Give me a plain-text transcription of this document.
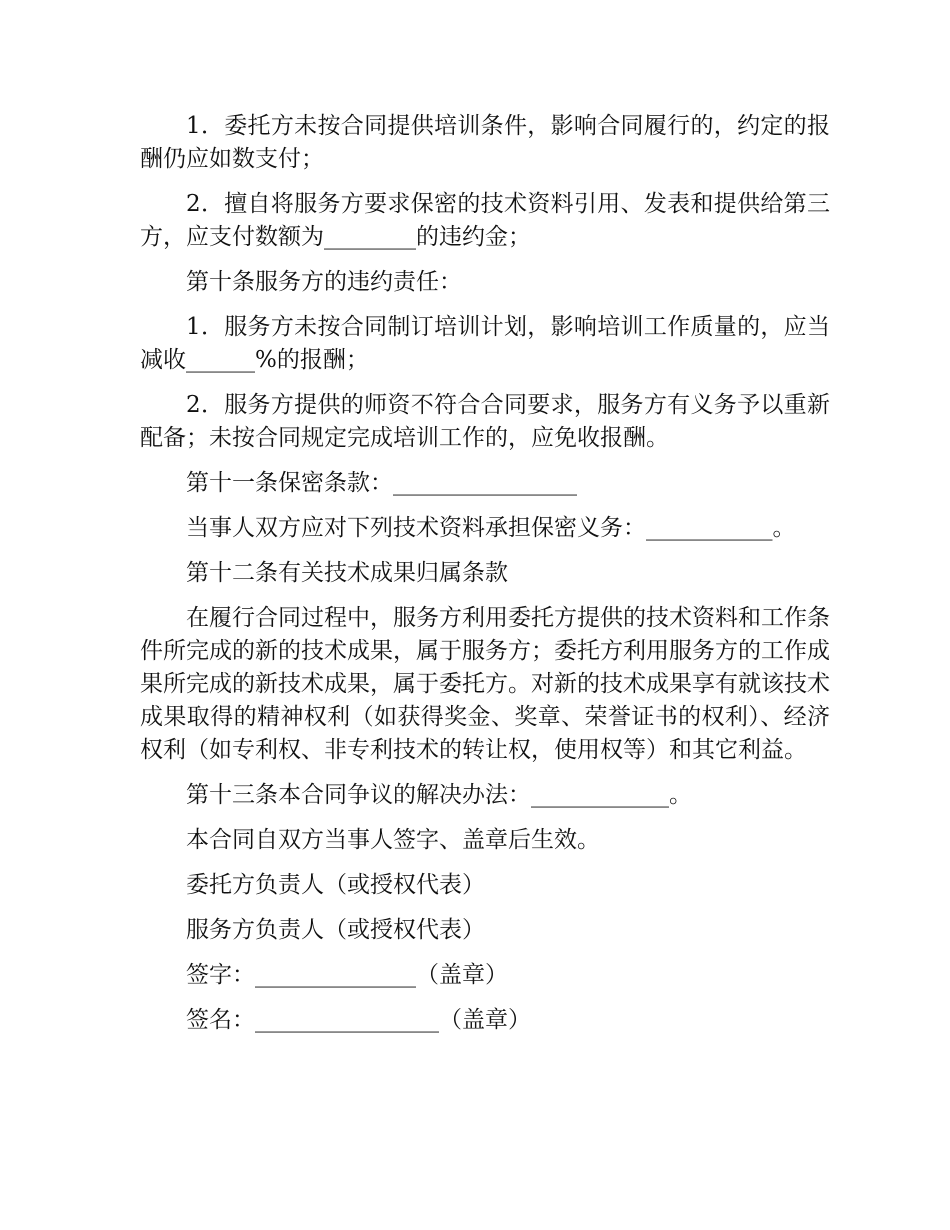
1．委托方未按合同提供培训条件，影响合同履行的，约定的报酬仍应如数支付；

2．擅自将服务方要求保密的技术资料引用、发表和提供给第三方，应支付数额为________的违约金；

第十条服务方的违约责任：

1．服务方未按合同制订培训计划，影响培训工作质量的，应当减收______%的报酬；

2．服务方提供的师资不符合合同要求，服务方有义务予以重新配备；未按合同规定完成培训工作的，应免收报酬。

第十一条保密条款：________________

当事人双方应对下列技术资料承担保密义务：___________。

第十二条有关技术成果归属条款

在履行合同过程中，服务方利用委托方提供的技术资料和工作条件所完成的新的技术成果，属于服务方；委托方利用服务方的工作成果所完成的新技术成果，属于委托方。对新的技术成果享有就该技术成果取得的精神权利（如获得奖金、奖章、荣誉证书的权利）、经济权利（如专利权、非专利技术的转让权，使用权等）和其它利益。

第十三条本合同争议的解决办法：____________。

本合同自双方当事人签字、盖章后生效。

委托方负责人（或授权代表）

服务方负责人（或授权代表）

签字：______________（盖章）

签名：________________（盖章）
